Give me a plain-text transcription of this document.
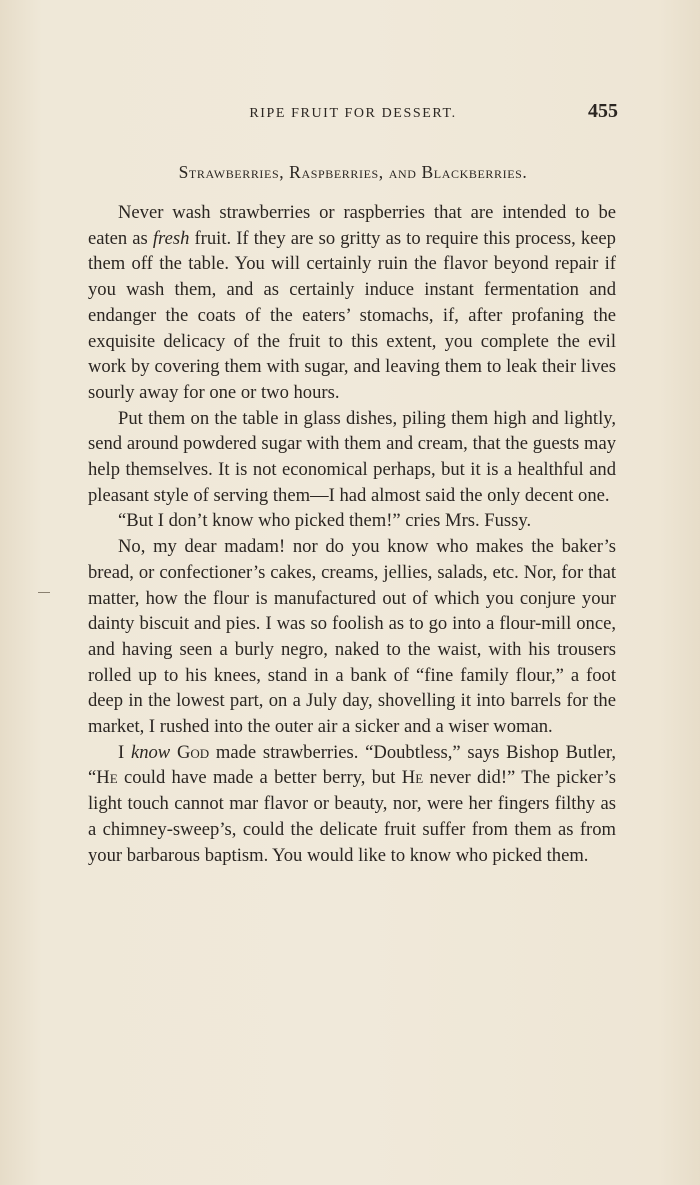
RIPE FRUIT FOR DESSERT.	455
Strawberries, Raspberries, and Blackberries.

Never wash strawberries or raspberries that are intended to be eaten as fresh fruit. If they are so gritty as to require this process, keep them off the table. You will certainly ruin the flavor beyond repair if you wash them, and as certainly induce instant fermentation and endanger the coats of the eaters’ stomachs, if, after profaning the exquisite delicacy of the fruit to this extent, you complete the evil work by covering them with sugar, and leaving them to leak their lives sourly away for one or two hours.

Put them on the table in glass dishes, piling them high and lightly, send around powdered sugar with them and cream, that the guests may help themselves. It is not economical perhaps, but it is a healthful and pleasant style of serving them—I had almost said the only decent one.

“But I don’t know who picked them!” cries Mrs. Fussy.

No, my dear madam! nor do you know who makes the baker’s bread, or confectioner’s cakes, creams, jellies, salads, etc. Nor, for that matter, how the flour is manufactured out of which you conjure your dainty biscuit and pies. I was so foolish as to go into a flour-mill once, and having seen a burly negro, naked to the waist, with his trousers rolled up to his knees, stand in a bank of “fine family flour,” a foot deep in the lowest part, on a July day, shovelling it into barrels for the market, I rushed into the outer air a sicker and a wiser woman.

I know God made strawberries. “Doubtless,” says Bishop Butler, “He could have made a better berry, but He never did!” The picker’s light touch cannot mar flavor or beauty, nor, were her fingers filthy as a chimney-sweep’s, could the delicate fruit suffer from them as from your barbarous baptism. You would like to know who picked them.
